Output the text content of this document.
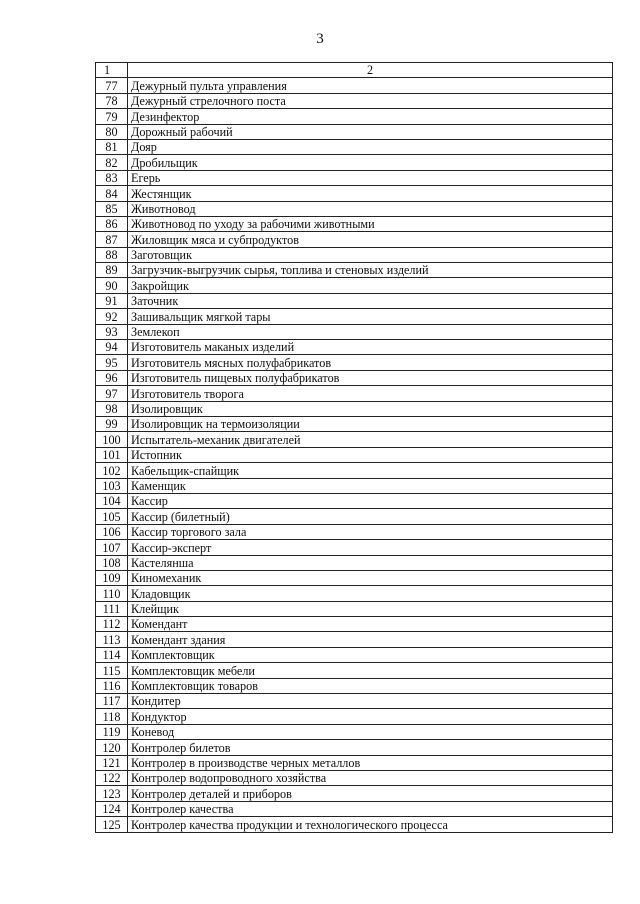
3
1	2
77	Дежурный пульта управления
78	Дежурный стрелочного поста
79	Дезинфектор
80	Дорожный рабочий
81	Дояр
82	Дробильщик
83	Егерь
84	Жестянщик
85	Животновод
86	Животновод по уходу за рабочими животными
87	Жиловщик мяса и субпродуктов
88	Заготовщик
89	Загрузчик-выгрузчик сырья, топлива и стеновых изделий
90	Закройщик
91	Заточник
92	Зашивальщик мягкой тары
93	Землекоп
94	Изготовитель маканых изделий
95	Изготовитель мясных полуфабрикатов
96	Изготовитель пищевых полуфабрикатов
97	Изготовитель творога
98	Изолировщик
99	Изолировщик на термоизоляции
100	Испытатель-механик двигателей
101	Истопник
102	Кабельщик-спайщик
103	Каменщик
104	Кассир
105	Кассир (билетный)
106	Кассир торгового зала
107	Кассир-эксперт
108	Кастелянша
109	Киномеханик
110	Кладовщик
111	Клейщик
112	Комендант
113	Комендант здания
114	Комплектовщик
115	Комплектовщик мебели
116	Комплектовщик товаров
117	Кондитер
118	Кондуктор
119	Коневод
120	Контролер билетов
121	Контролер в производстве черных металлов
122	Контролер водопроводного хозяйства
123	Контролер деталей и приборов
124	Контролер качества
125	Контролер качества продукции и технологического процесса
